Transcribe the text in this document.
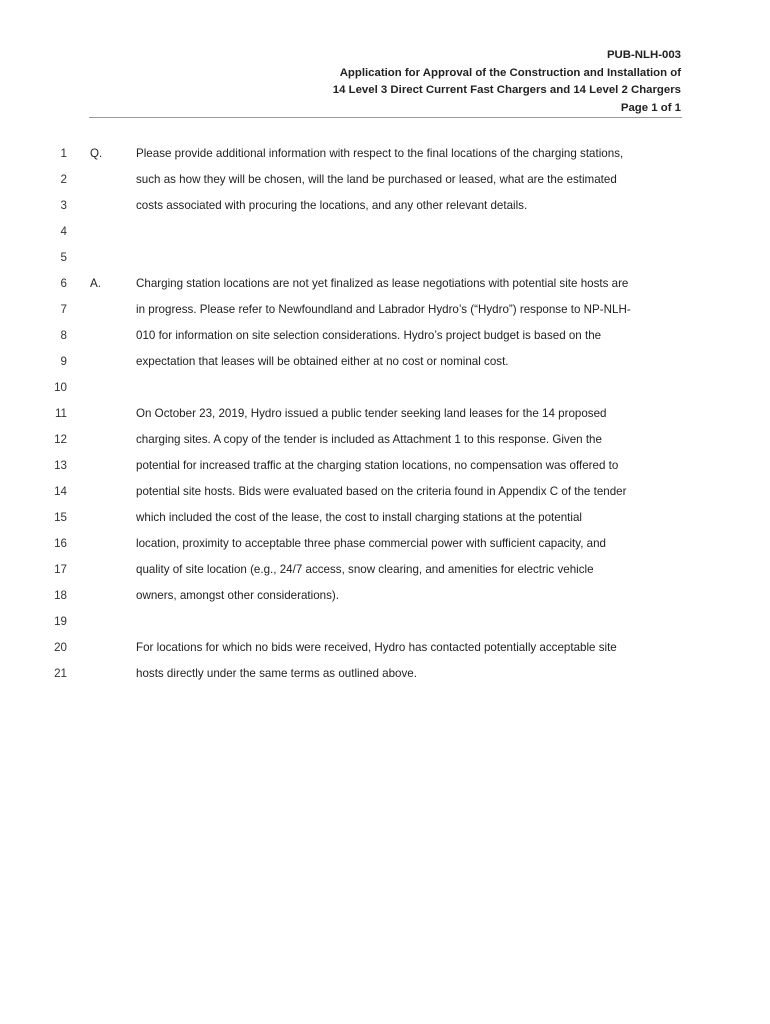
PUB-NLH-003
Application for Approval of the Construction and Installation of
14 Level 3 Direct Current Fast Chargers and 14 Level 2 Chargers
Page 1 of 1
1 Q.	Please provide additional information with respect to the final locations of the charging stations,
2	such as how they will be chosen, will the land be purchased or leased, what are the estimated
3	costs associated with procuring the locations, and any other relevant details.
4
5
6 A.	Charging station locations are not yet finalized as lease negotiations with potential site hosts are
7	in progress. Please refer to Newfoundland and Labrador Hydro’s (“Hydro”) response to NP-NLH-
8	010 for information on site selection considerations. Hydro’s project budget is based on the
9	expectation that leases will be obtained either at no cost or nominal cost.
10
11	On October 23, 2019, Hydro issued a public tender seeking land leases for the 14 proposed
12	charging sites. A copy of the tender is included as Attachment 1 to this response. Given the
13	potential for increased traffic at the charging station locations, no compensation was offered to
14	potential site hosts. Bids were evaluated based on the criteria found in Appendix C of the tender
15	which included the cost of the lease, the cost to install charging stations at the potential
16	location, proximity to acceptable three phase commercial power with sufficient capacity, and
17	quality of site location (e.g., 24/7 access, snow clearing, and amenities for electric vehicle
18	owners, amongst other considerations).
19
20	For locations for which no bids were received, Hydro has contacted potentially acceptable site
21	hosts directly under the same terms as outlined above.
